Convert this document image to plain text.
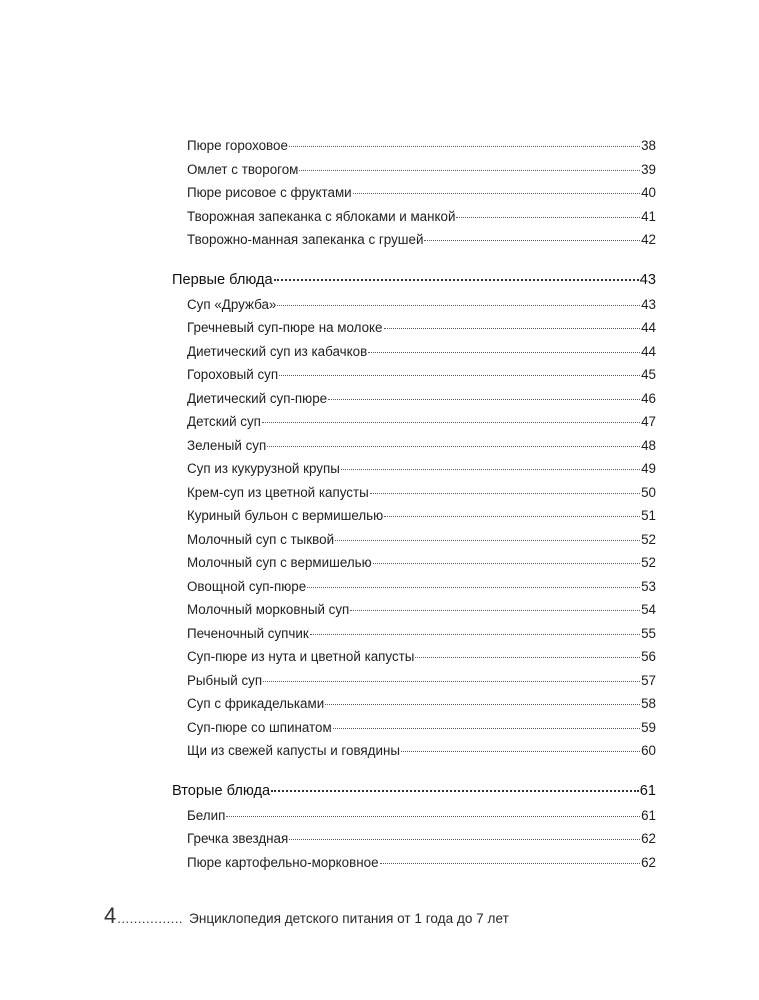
Пюре гороховое	38
Омлет с творогом	39
Пюре рисовое с фруктами	40
Творожная запеканка с яблоками и манкой	41
Творожно-манная запеканка с грушей	42
Первые блюда	43
Суп «Дружба»	43
Гречневый суп-пюре на молоке	44
Диетический суп из кабачков	44
Гороховый суп	45
Диетический суп-пюре	46
Детский суп	47
Зеленый суп	48
Суп из кукурузной крупы	49
Крем-суп из цветной капусты	50
Куриный бульон с вермишелью	51
Молочный суп с тыквой	52
Молочный суп с вермишелью	52
Овощной суп-пюре	53
Молочный морковный суп	54
Печеночный супчик	55
Суп-пюре из нута и цветной капусты	56
Рыбный суп	57
Суп с фрикадельками	58
Суп-пюре со шпинатом	59
Щи из свежей капусты и говядины	60
Вторые блюда	61
Белип	61
Гречка звездная	62
Пюре картофельно-морковное	62
4 ................ Энциклопедия детского питания от 1 года до 7 лет
